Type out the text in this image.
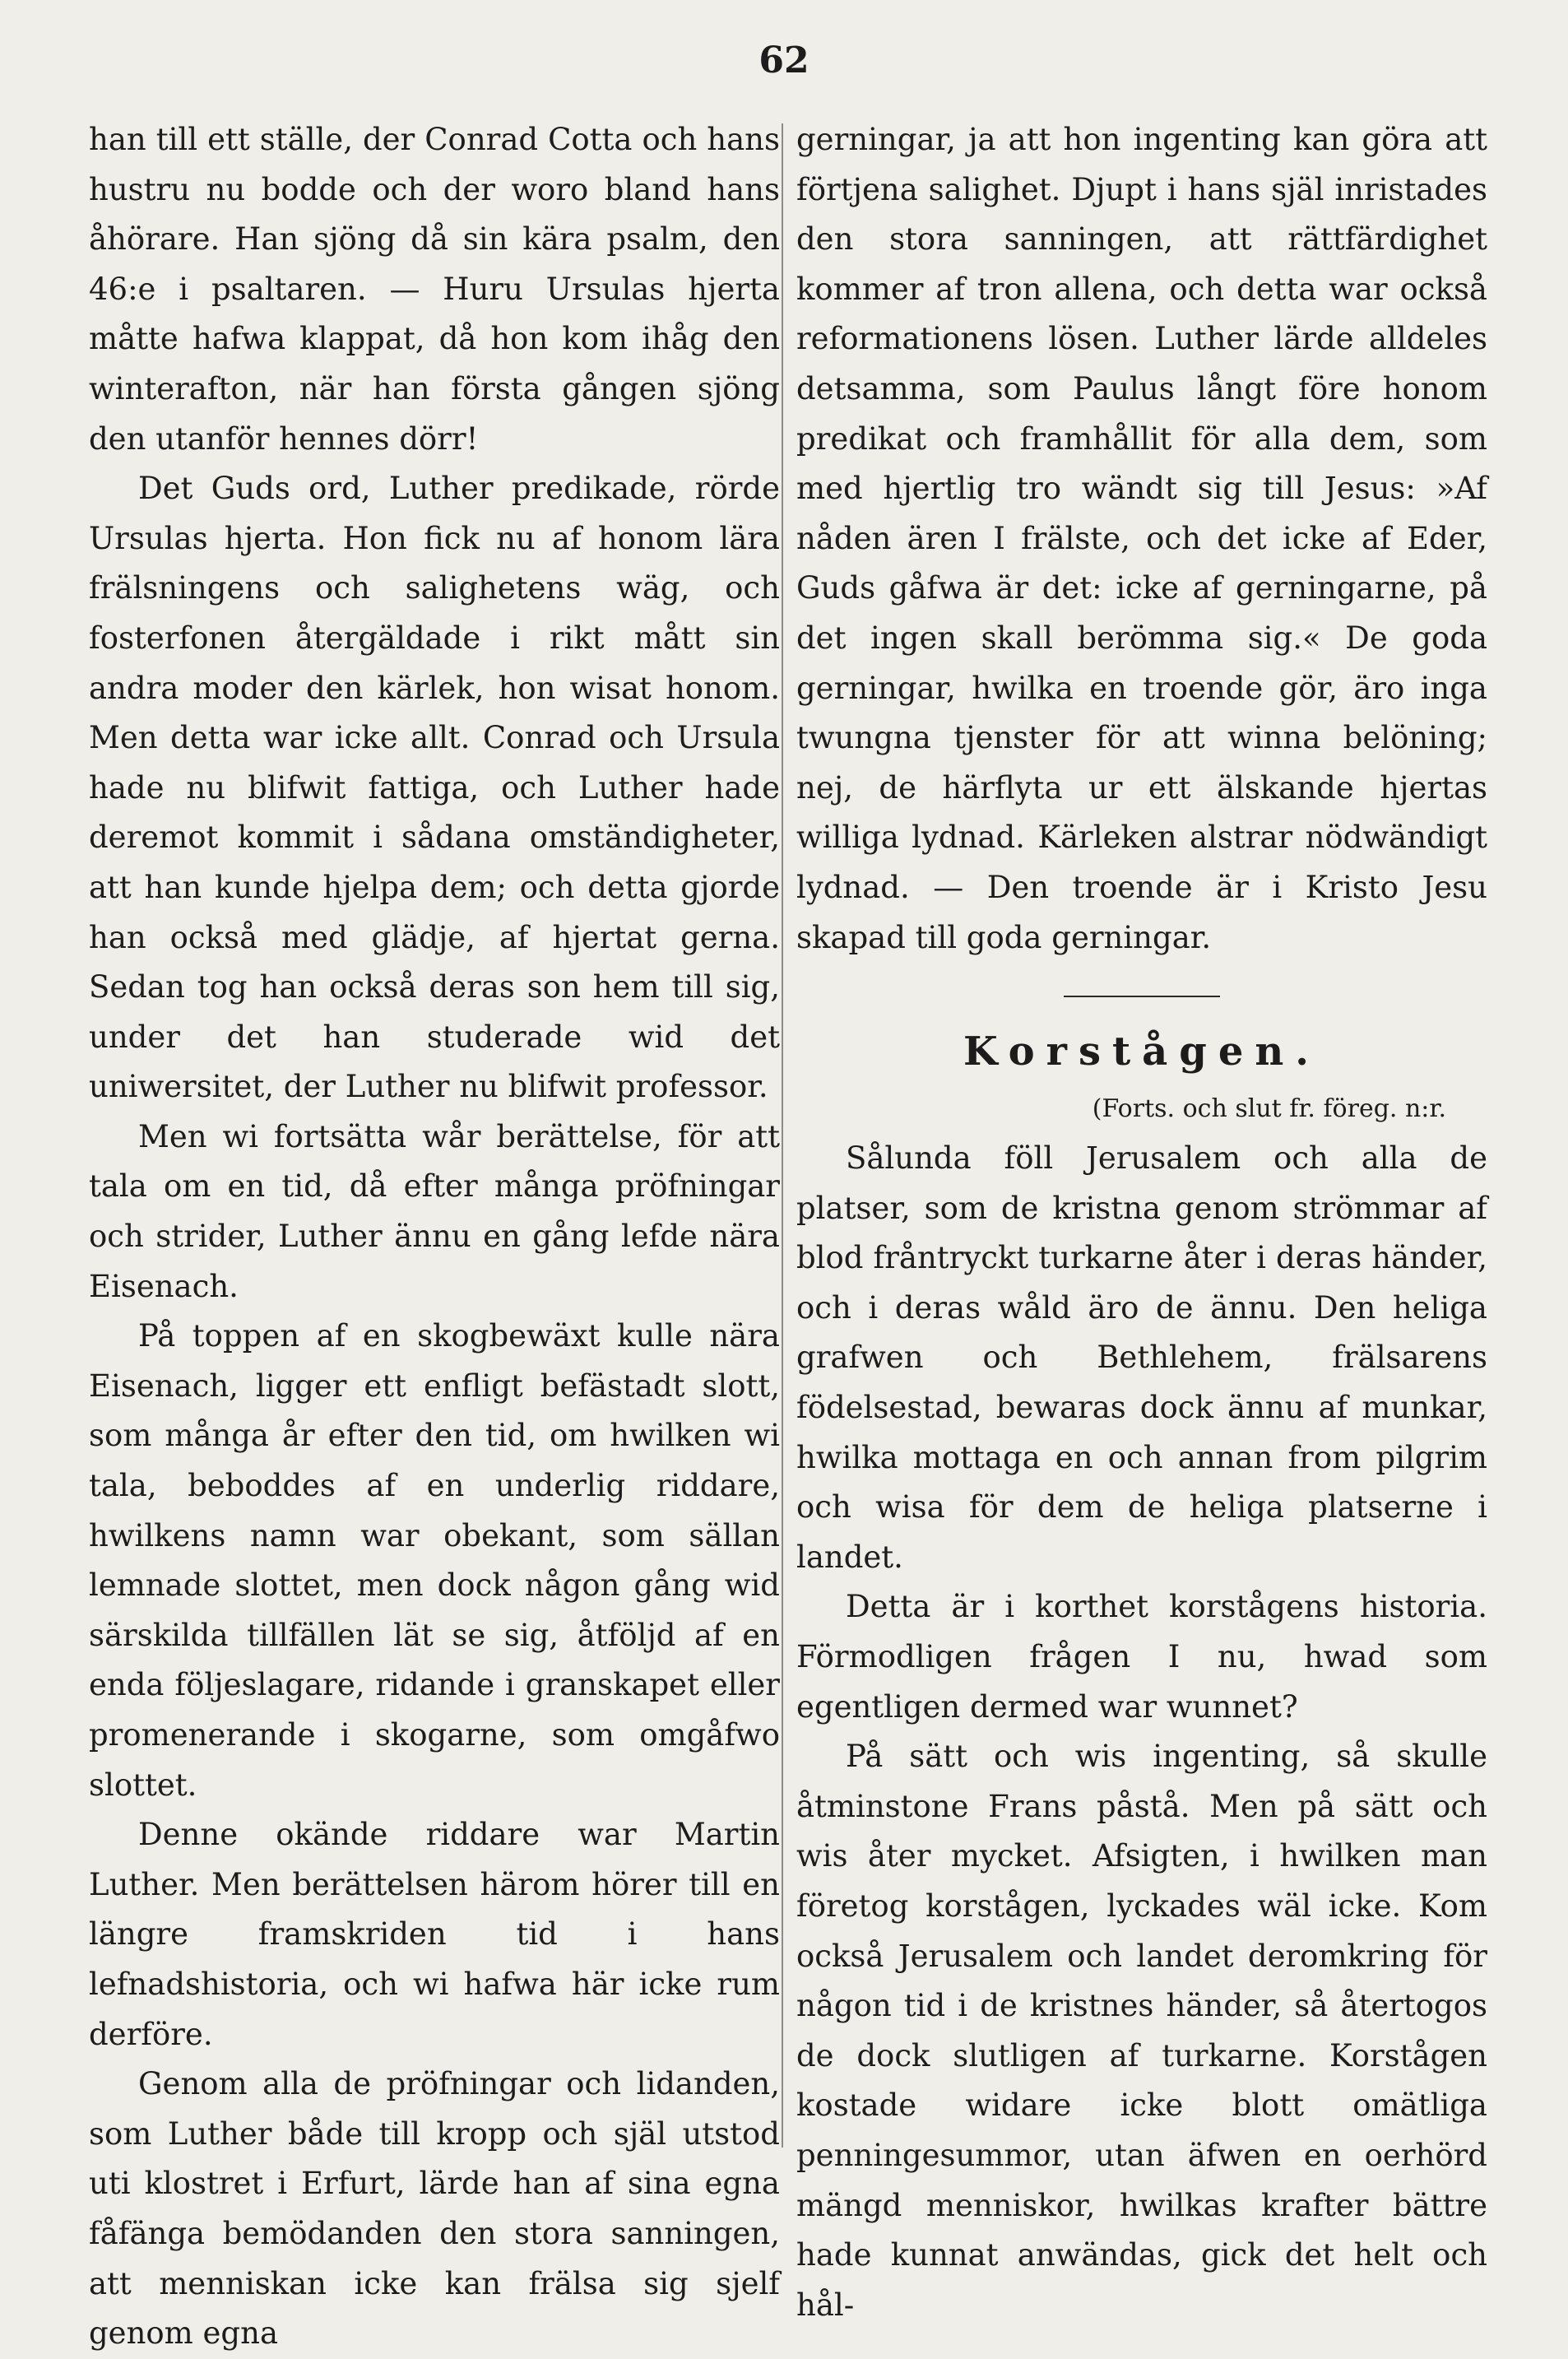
62

han till ett ställe, der Conrad Cotta och hans hustru nu bodde och der woro bland hans åhörare. Han sjöng då sin kära psalm, den 46:e i psaltaren. — Huru Ursulas hjerta måtte hafwa klappat, då hon kom ihåg den winterafton, när han första gången sjöng den utanför hennes dörr!

Det Guds ord, Luther predikade, rörde Ursulas hjerta. Hon fick nu af honom lära frälsningens och salighetens wäg, och fosterfonen återgäldade i rikt mått sin andra moder den kärlek, hon wisat honom. Men detta war icke allt. Conrad och Ursula hade nu blifwit fattiga, och Luther hade deremot kommit i sådana omständigheter, att han kunde hjelpa dem; och detta gjorde han också med glädje, af hjertat gerna. Sedan tog han också deras son hem till sig, under det han studerade wid det uniwersitet, der Luther nu blifwit professor.

Men wi fortsätta wår berättelse, för att tala om en tid, då efter många pröfningar och strider, Luther ännu en gång lefde nära Eisenach.

På toppen af en skogbewäxt kulle nära Eisenach, ligger ett enfligt befästadt slott, som många år efter den tid, om hwilken wi tala, beboddes af en underlig riddare, hwilkens namn war obekant, som sällan lemnade slottet, men dock någon gång wid särskilda tillfällen lät se sig, åtföljd af en enda följeslagare, ridande i granskapet eller promenerande i skogarne, som omgåfwo slottet.

Denne okände riddare war Martin Luther. Men berättelsen härom hörer till en längre framskriden tid i hans lefnadshistoria, och wi hafwa här icke rum derföre.

Genom alla de pröfningar och lidanden, som Luther både till kropp och själ utstod uti klostret i Erfurt, lärde han af sina egna fåfänga bemödanden den stora sanningen, att menniskan icke kan frälsa sig sjelf genom egna

gerningar, ja att hon ingenting kan göra att förtjena salighet. Djupt i hans själ inristades den stora sanningen, att rättfärdighet kommer af tron allena, och detta war också reformationens lösen. Luther lärde alldeles detsamma, som Paulus långt före honom predikat och framhållit för alla dem, som med hjertlig tro wändt sig till Jesus: »Af nåden ären I frälste, och det icke af Eder, Guds gåfwa är det: icke af gerningarne, på det ingen skall berömma sig.« De goda gerningar, hwilka en troende gör, äro inga twungna tjenster för att winna belöning; nej, de härflyta ur ett älskande hjertas williga lydnad. Kärleken alstrar nödwändigt lydnad. — Den troende är i Kristo Jesu skapad till goda gerningar.

Korstågen.

(Forts. och slut fr. föreg. n:r.

Sålunda föll Jerusalem och alla de platser, som de kristna genom strömmar af blod fråntryckt turkarne åter i deras händer, och i deras wåld äro de ännu. Den heliga grafwen och Bethlehem, frälsarens födelsestad, bewaras dock ännu af munkar, hwilka mottaga en och annan from pilgrim och wisa för dem de heliga platserne i landet.

Detta är i korthet korstågens historia. Förmodligen frågen I nu, hwad som egentligen dermed war wunnet?

På sätt och wis ingenting, så skulle åtminstone Frans påstå. Men på sätt och wis åter mycket. Afsigten, i hwilken man företog korstågen, lyckades wäl icke. Kom också Jerusalem och landet deromkring för någon tid i de kristnes händer, så återtogos de dock slutligen af turkarne. Korstågen kostade widare icke blott omätliga penningesummor, utan äfwen en oerhörd mängd menniskor, hwilkas krafter bättre hade kunnat anwändas, gick det helt och hål-
